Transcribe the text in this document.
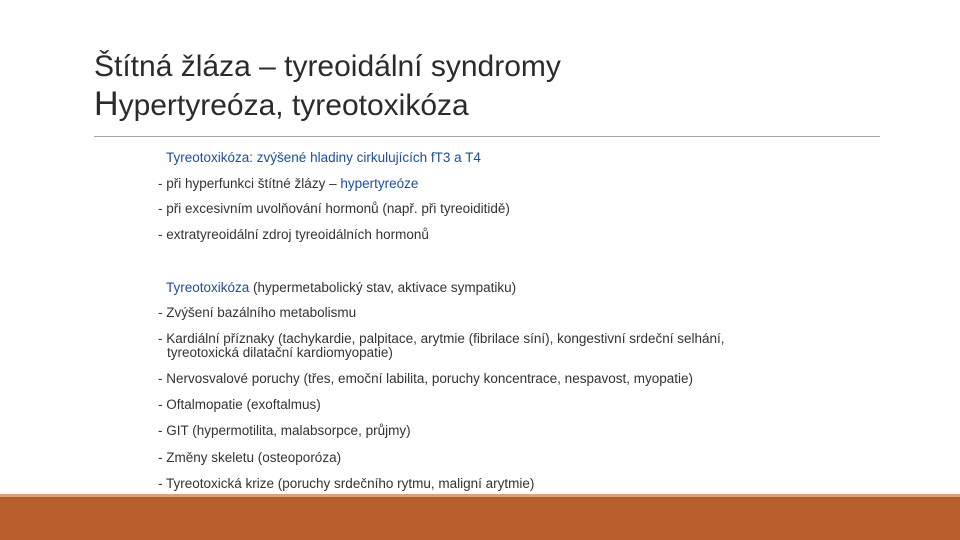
Štítná žláza – tyreoidální syndromy
Hypertyreóza, tyreotoxikóza
Tyreotoxikóza: zvýšené hladiny cirkulujících fT3 a T4
- při hyperfunkci štítné žlázy – hypertyreóze
- při excesivním uvolňování hormonů (např. při tyreoiditidě)
- extratyreoidální zdroj tyreoidálních hormonů
Tyreotoxikóza (hypermetabolický stav, aktivace sympatiku)
- Zvýšení bazálního metabolismu
- Kardiální příznaky (tachykardie, palpitace, arytmie (fibrilace síní), kongestivní srdeční selhání,
tyreotoxická dilatační kardiomyopatie)
- Nervosvalové poruchy (třes, emoční labilita, poruchy koncentrace, nespavost, myopatie)
- Oftalmopatie (exoftalmus)
- GIT (hypermotilita, malabsorpce, průjmy)
- Změny skeletu (osteoporóza)
- Tyreotoxická krize (poruchy srdečního rytmu, maligní arytmie)
